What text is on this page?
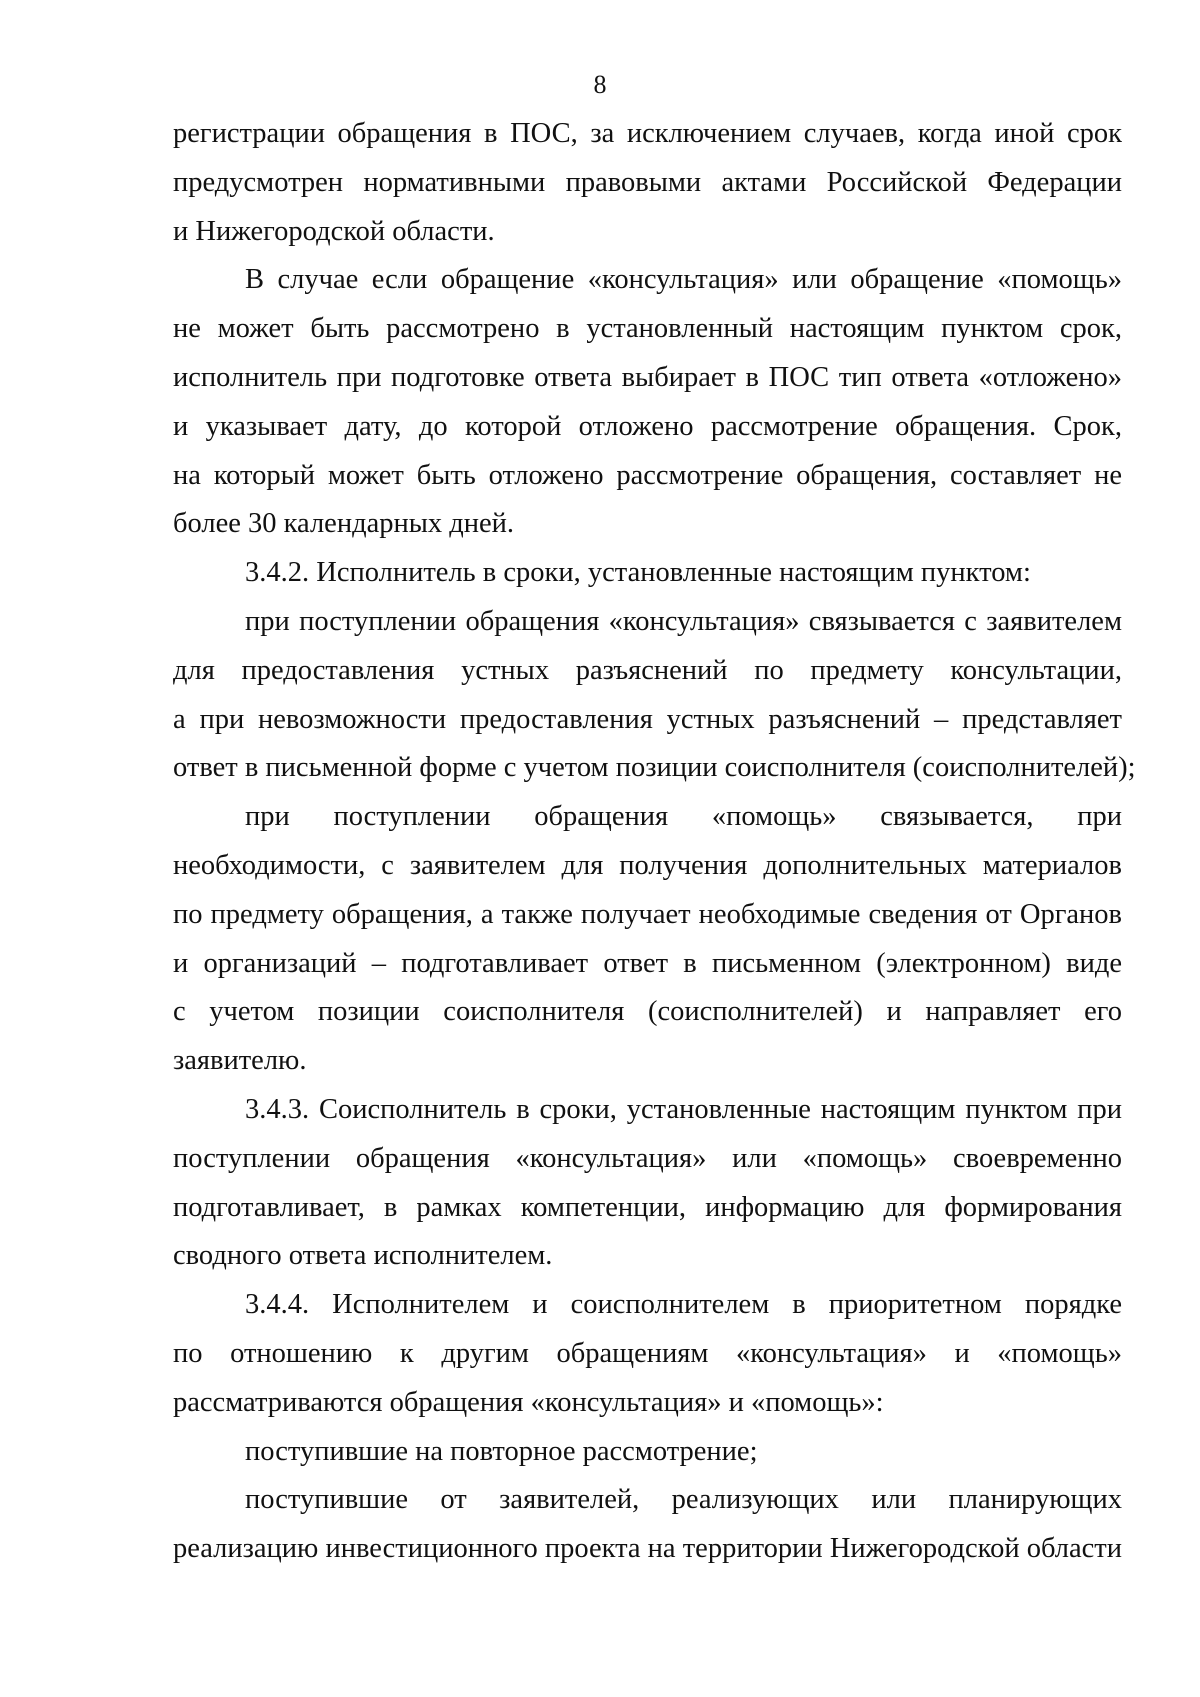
8

регистрации обращения в ПОС, за исключением случаев, когда иной срок

предусмотрен нормативными правовыми актами Российской Федерации

и Нижегородской области.

В случае если обращение «консультация» или обращение «помощь»

не может быть рассмотрено в установленный настоящим пунктом срок,

исполнитель при подготовке ответа выбирает в ПОС тип ответа «отложено»

и указывает дату, до которой отложено рассмотрение обращения. Срок,

на который может быть отложено рассмотрение обращения, составляет не

более 30 календарных дней.

3.4.2. Исполнитель в сроки, установленные настоящим пунктом:

при поступлении обращения «консультация» связывается с заявителем

для предоставления устных разъяснений по предмету консультации,

а при невозможности предоставления устных разъяснений – представляет

ответ в письменной форме с учетом позиции соисполнителя (соисполнителей);

при поступлении обращения «помощь» связывается, при

необходимости, с заявителем для получения дополнительных материалов

по предмету обращения, а также получает необходимые сведения от Органов

и организаций – подготавливает ответ в письменном (электронном) виде

с учетом позиции соисполнителя (соисполнителей) и направляет его

заявителю.

3.4.3. Соисполнитель в сроки, установленные настоящим пунктом при

поступлении обращения «консультация» или «помощь» своевременно

подготавливает, в рамках компетенции, информацию для формирования

сводного ответа исполнителем.

3.4.4. Исполнителем и соисполнителем в приоритетном порядке

по отношению к другим обращениям «консультация» и «помощь»

рассматриваются обращения «консультация» и «помощь»:

поступившие на повторное рассмотрение;

поступившие от заявителей, реализующих или планирующих

реализацию инвестиционного проекта на территории Нижегородской области
